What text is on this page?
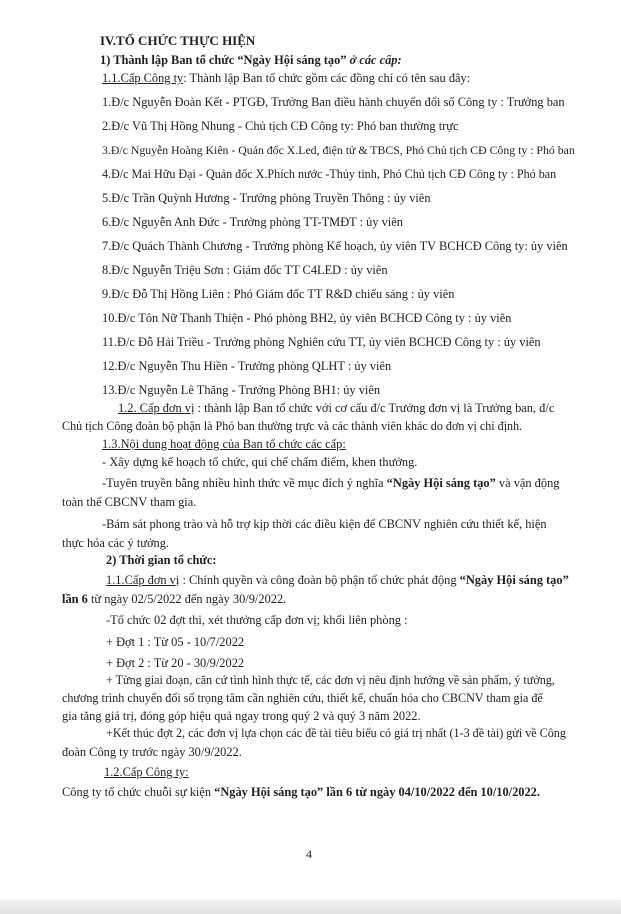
IV.TỔ CHỨC THỰC HIỆN
1) Thành lập Ban tổ chức “Ngày Hội sáng tạo” ở các cấp:
1.1.Cấp Công ty: Thành lập Ban tổ chức gồm các đồng chí có tên sau đây:
1.Đ/c Nguyễn Đoàn Kết - PTGĐ, Trưởng Ban điều hành chuyển đổi số Công ty : Trưởng ban
2.Đ/c Vũ Thị Hồng Nhung - Chủ tịch CĐ Công ty: Phó ban thường trực
3.Đ/c Nguyễn Hoàng Kiên - Quản đốc X.Led, điện tử & TBCS, Phó Chủ tịch CĐ Công ty : Phó ban
4.Đ/c Mai Hữu Đại - Quản đốc X.Phích nước -Thủy tinh, Phó Chủ tịch CĐ Công ty : Phó ban
5.Đ/c Trần Quỳnh Hương - Trưởng phòng Truyền Thông : ủy viên
6.Đ/c Nguyễn Anh Đức - Trưởng phòng TT-TMĐT : ủy viên
7.Đ/c Quách Thành Chương - Trưởng phòng Kế hoạch, ủy viên TV BCHCĐ Công ty: ủy viên
8.Đ/c Nguyễn Triệu Sơn : Giám đốc TT C4LED : ủy viên
9.Đ/c Đỗ Thị Hồng Liên : Phó Giám đốc TT R&D chiếu sáng : ủy viên
10.Đ/c Tôn Nữ Thanh Thiện - Phó phòng BH2, ủy viên BCHCĐ Công ty : ủy viên
11.Đ/c Đỗ Hải Triều - Trưởng phòng Nghiên cứu TT, ủy viên BCHCĐ Công ty : ủy viên
12.Đ/c Nguyễn Thu Hiền - Trưởng phòng QLHT : ủy viên
13.Đ/c Nguyễn Lê Thăng - Trưởng Phòng BH1: ủy viên
1.2. Cấp đơn vị : thành lập Ban tổ chức với cơ cấu đ/c Trưởng đơn vị là Trưởng ban, đ/c
Chủ tịch Công đoàn bộ phận là Phó ban thường trực và các thành viên khác do đơn vị chỉ định.
1.3.Nội dung hoạt động của Ban tổ chức các cấp:
- Xây dựng kế hoạch tổ chức, qui chế chấm điểm, khen thưởng.
-Tuyên truyền bằng nhiều hình thức về mục đích ý nghĩa “Ngày Hội sáng tạo” và vận động
toàn thể CBCNV tham gia.
-Bám sát phong trào và hỗ trợ kịp thời các điều kiện để CBCNV nghiên cứu thiết kế, hiện
thực hóa các ý tưởng.
2) Thời gian tổ chức:
1.1.Cấp đơn vị : Chính quyền và công đoàn bộ phận tổ chức phát động “Ngày Hội sáng tạo”
lần 6 từ ngày 02/5/2022 đến ngày 30/9/2022.
-Tổ chức 02 đợt thi, xét thưởng cấp đơn vị; khối liên phòng :
+ Đợt 1 : Từ 05 - 10/7/2022
+ Đợt 2 : Từ 20 - 30/9/2022
+ Từng giai đoạn, căn cứ tình hình thực tế, các đơn vị nêu định hướng về sản phẩm, ý tưởng,
chương trình chuyển đổi số trọng tâm cần nghiên cứu, thiết kế, chuẩn hóa cho CBCNV tham gia để
gia tăng giá trị, đóng góp hiệu quả ngay trong quý 2 và quý 3 năm 2022.
+Kết thúc đợt 2, các đơn vị lựa chọn các đề tài tiêu biểu có giá trị nhất (1-3 đề tài) gửi về Công
đoàn Công ty trước ngày 30/9/2022.
1.2.Cấp Công ty:
Công ty tổ chức chuỗi sự kiện “Ngày Hội sáng tạo” lần 6 từ ngày 04/10/2022 đến 10/10/2022.
4
